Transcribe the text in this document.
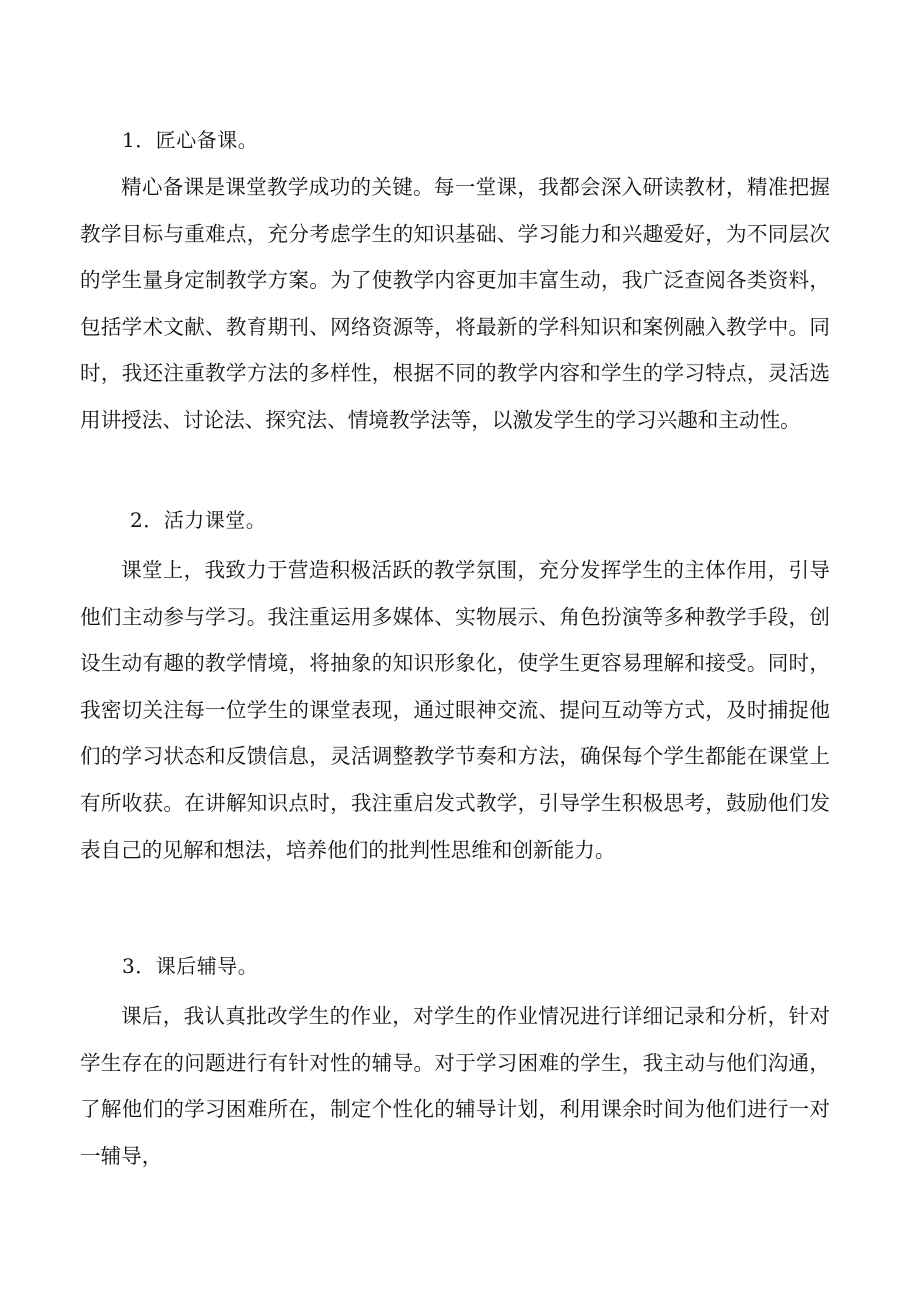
1．匠心备课。

精心备课是课堂教学成功的关键。每一堂课，我都会深入研读教材，精准把握教学目标与重难点，充分考虑学生的知识基础、学习能力和兴趣爱好，为不同层次的学生量身定制教学方案。为了使教学内容更加丰富生动，我广泛查阅各类资料，包括学术文献、教育期刊、网络资源等，将最新的学科知识和案例融入教学中。同时，我还注重教学方法的多样性，根据不同的教学内容和学生的学习特点，灵活选用讲授法、讨论法、探究法、情境教学法等，以激发学生的学习兴趣和主动性。

2．活力课堂。

课堂上，我致力于营造积极活跃的教学氛围，充分发挥学生的主体作用，引导他们主动参与学习。我注重运用多媒体、实物展示、角色扮演等多种教学手段，创设生动有趣的教学情境，将抽象的知识形象化，使学生更容易理解和接受。同时，我密切关注每一位学生的课堂表现，通过眼神交流、提问互动等方式，及时捕捉他们的学习状态和反馈信息，灵活调整教学节奏和方法，确保每个学生都能在课堂上有所收获。在讲解知识点时，我注重启发式教学，引导学生积极思考，鼓励他们发表自己的见解和想法，培养他们的批判性思维和创新能力。

3．课后辅导。

课后，我认真批改学生的作业，对学生的作业情况进行详细记录和分析，针对学生存在的问题进行有针对性的辅导。对于学习困难的学生，我主动与他们沟通，了解他们的学习困难所在，制定个性化的辅导计划，利用课余时间为他们进行一对一辅导，
